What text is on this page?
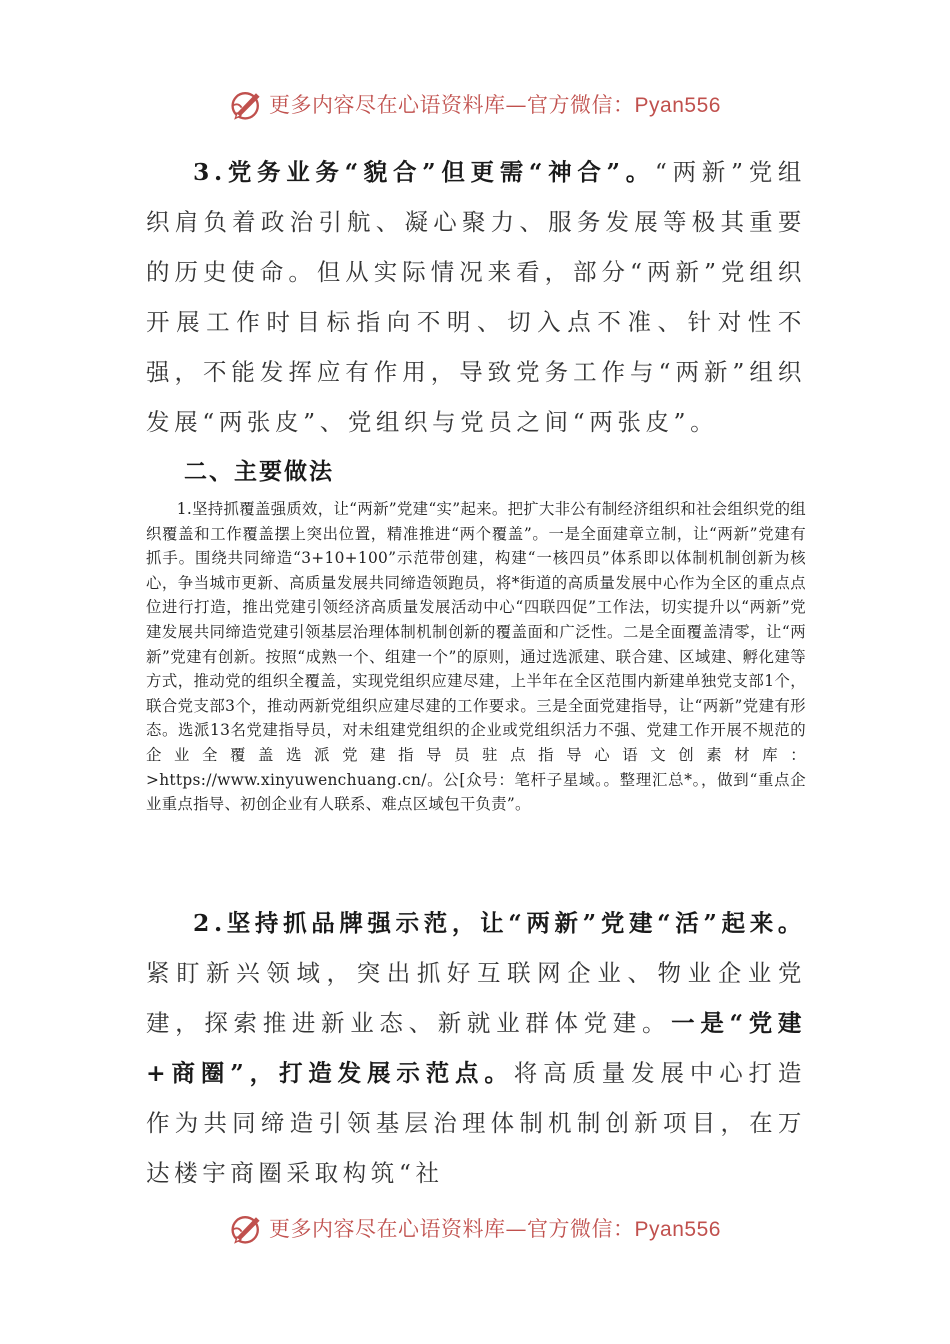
更多内容尽在心语资料库—官方微信：Pyan556

3.党务业务“貌合”但更需“神合”。“两新”党组织肩负着政治引航、凝心聚力、服务发展等极其重要的历史使命。但从实际情况来看，部分“两新”党组织开展工作时目标指向不明、切入点不准、针对性不强，不能发挥应有作用，导致党务工作与“两新”组织发展“两张皮”、党组织与党员之间“两张皮”。

二、主要做法

1.坚持抓覆盖强质效，让“两新”党建“实”起来。把扩大非公有制经济组织和社会组织党的组织覆盖和工作覆盖摆上突出位置，精准推进“两个覆盖”。一是全面建章立制，让“两新”党建有抓手。围绕共同缔造“3+10+100”示范带创建，构建“一核四员”体系即以体制机制创新为核心，争当城市更新、高质量发展共同缔造领跑员，将*街道的高质量发展中心作为全区的重点点位进行打造，推出党建引领经济高质量发展活动中心“四联四促”工作法，切实提升以“两新”党建发展共同缔造党建引领基层治理体制机制创新的覆盖面和广泛性。二是全面覆盖清零，让“两新”党建有创新。按照“成熟一个、组建一个”的原则，通过选派建、联合建、区域建、孵化建等方式，推动党的组织全覆盖，实现党组织应建尽建，上半年在全区范围内新建单独党支部1个，联合党支部3个，推动两新党组织应建尽建的工作要求。三是全面党建指导，让“两新”党建有形态。选派13名党建指导员，对未组建党组织的企业或党组织活力不强、党建工作开展不规范的企业全覆盖选派党建指导员驻点指导心语文创素材库：>https://www.xinyuwenchuang.cn/。公[众号：笔杆子星域。。整理汇总*。，做到“重点企业重点指导、初创企业有人联系、难点区域包干负责”。

2.坚持抓品牌强示范，让“两新”党建“活”起来。紧盯新兴领域，突出抓好互联网企业、物业企业党建，探索推进新业态、新就业群体党建。一是“党建+商圈”，打造发展示范点。将高质量发展中心打造作为共同缔造引领基层治理体制机制创新项目，在万达楼宇商圈采取构筑“社

更多内容尽在心语资料库—官方微信：Pyan556
